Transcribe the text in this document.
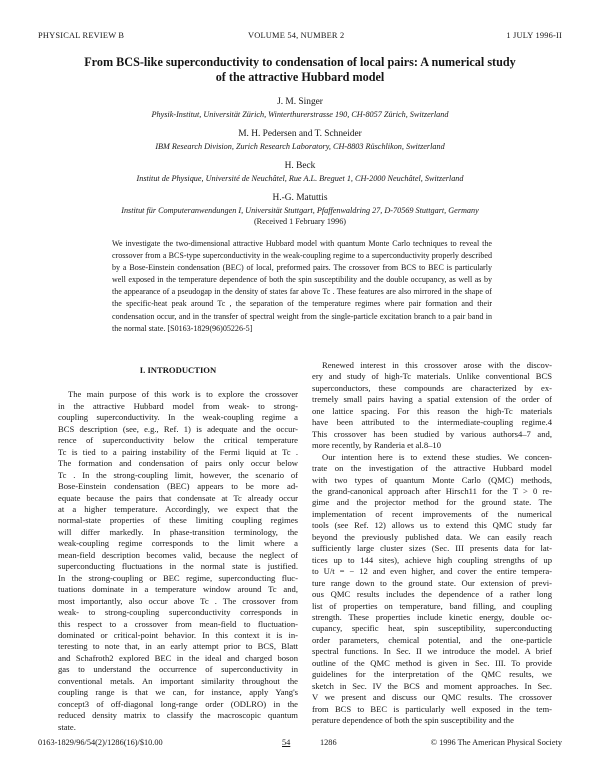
PHYSICAL REVIEW B	VOLUME 54, NUMBER 2	1 JULY 1996-II
From BCS-like superconductivity to condensation of local pairs: A numerical study
of the attractive Hubbard model
J. M. Singer
Physik-Institut, Universität Zürich, Winterthurerstrasse 190, CH-8057 Zürich, Switzerland
M. H. Pedersen and T. Schneider
IBM Research Division, Zurich Research Laboratory, CH-8803 Rüschlikon, Switzerland
H. Beck
Institut de Physique, Université de Neuchâtel, Rue A.L. Breguet 1, CH-2000 Neuchâtel, Switzerland
H.-G. Matuttis
Institut für Computeranwendungen I, Universität Stuttgart, Pfaffenwaldring 27, D-70569 Stuttgart, Germany
(Received 1 February 1996)
We investigate the two-dimensional attractive Hubbard model with quantum Monte Carlo techniques to reveal the crossover from a BCS-type superconductivity in the weak-coupling regime to a superconductivity properly described by a Bose-Einstein condensation (BEC) of local, preformed pairs. The crossover from BCS to BEC is particularly well exposed in the temperature dependence of both the spin susceptibility and the double occupancy, as well as by the appearance of a pseudogap in the density of states far above Tc . These features are also mirrored in the shape of the specific-heat peak around Tc , the separation of the temperature regimes where pair formation and their condensation occur, and in the transfer of spectral weight from the single-particle excitation branch to a pair band in the normal state. [S0163-1829(96)05226-5]
I. INTRODUCTION
The main purpose of this work is to explore the crossover
in the attractive Hubbard model from weak- to strong-
coupling superconductivity. In the weak-coupling regime a
BCS description (see, e.g., Ref. 1) is adequate and the occur-
rence of superconductivity below the critical temperature
Tc is tied to a pairing instability of the Fermi liquid at Tc .
The formation and condensation of pairs only occur below
Tc . In the strong-coupling limit, however, the scenario of
Bose-Einstein condensation (BEC) appears to be more ad-
equate because the pairs that condensate at Tc already occur
at a higher temperature. Accordingly, we expect that the
normal-state properties of these limiting coupling regimes
will differ markedly. In phase-transition terminology, the
weak-coupling regime corresponds to the limit where a
mean-field description becomes valid, because the neglect of
superconducting fluctuations in the normal state is justified.
In the strong-coupling or BEC regime, superconducting fluc-
tuations dominate in a temperature window around Tc and,
most importantly, also occur above Tc . The crossover from
weak- to strong-coupling superconductivity corresponds in
this respect to a crossover from mean-field to fluctuation-
dominated or critical-point behavior. In this context it is in-
teresting to note that, in an early attempt prior to BCS, Blatt
and Schafroth2 explored BEC in the ideal and charged boson
gas to understand the occurrence of superconductivity in
conventional metals. An important similarity throughout the
coupling range is that we can, for instance, apply Yang's
concept3 of off-diagonal long-range order (ODLRO) in the
reduced density matrix to classify the macroscopic quantum
state.
Renewed interest in this crossover arose with the discov-
ery and study of high-Tc materials. Unlike conventional BCS
superconductors, these compounds are characterized by ex-
tremely small pairs having a spatial extension of the order of
one lattice spacing. For this reason the high-Tc materials
have been attributed to the intermediate-coupling regime.4
This crossover has been studied by various authors4–7 and,
more recently, by Randeria et al.8–10
Our intention here is to extend these studies. We concen-
trate on the investigation of the attractive Hubbard model
with two types of quantum Monte Carlo (QMC) methods,
the grand-canonical approach after Hirsch11 for the T > 0 re-
gime and the projector method for the ground state. The
implementation of recent improvements of the numerical
tools (see Ref. 12) allows us to extend this QMC study far
beyond the previously published data. We can easily reach
sufficiently large cluster sizes (Sec. III presents data for lat-
tices up to 144 sites), achieve high coupling strengths of up
to U/t = − 12 and even higher, and cover the entire tempera-
ture range down to the ground state. Our extension of previ-
ous QMC results includes the dependence of a rather long
list of properties on temperature, band filling, and coupling
strength. These properties include kinetic energy, double oc-
cupancy, specific heat, spin susceptibility, superconducting
order parameters, chemical potential, and the one-particle
spectral functions. In Sec. II we introduce the model. A brief
outline of the QMC method is given in Sec. III. To provide
guidelines for the interpretation of the QMC results, we
sketch in Sec. IV the BCS and moment approaches. In Sec.
V we present and discuss our QMC results. The crossover
from BCS to BEC is particularly well exposed in the tem-
perature dependence of both the spin susceptibility and the
0163-1829/96/54(2)/1286(16)/$10.00	54	1286	© 1996 The American Physical Society
